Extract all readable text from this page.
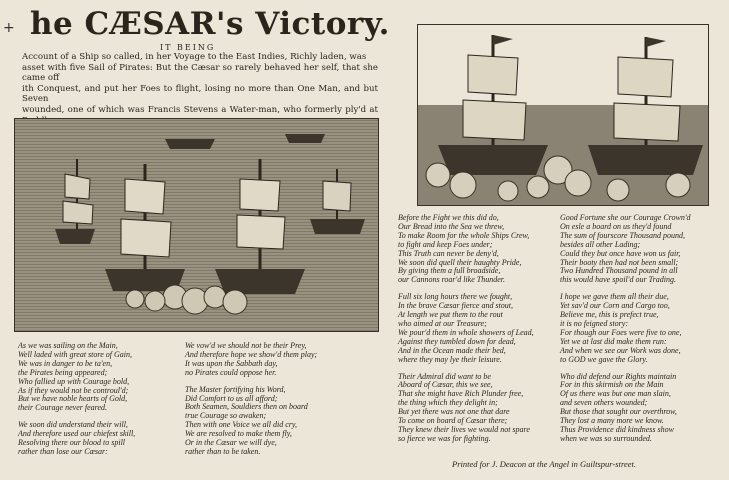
+ he CÆSAR's Victory.
IT BEING
Account of a Ship so called, in her Voyage to the East Indies, Richly laden, was
asset with five Sail of Pirates: But the Cæsar so rarely behaved her self, that she came off
ith Conquest, and put her Foes to flight, losing no more than One Man, and but Seven
wounded, one of which was Francis Stevens a Water-man, who formerly ply'd at
As we was sailing on the Main,
Well laded with great store of Gain,
We was in danger to be ta'en,
the Pirates being appeared;
Who fallied up with Courage bold,
As if they would not be controul'd;
But we have noble hearts of Gold,
their Courage never feared.
We soon did understand their will,
And therefore used our chiefest skill,
Resolving there our blood to spill
rather than lose our Cæsar:
We vow'd we should not be their Prey,
And therefore hope we show'd them play;
It was upon the Sabbath day,
no Pirates could oppose her.
The Master fortifying his Word,
Did Comfort to us all afford;
Both Seamen, Souldiers then on board
true Courage so awaken;
Then with one Voice we all did cry,
We are resolved to make them fly,
Or in the Cæsar we will dye,
rather than to be taken.
Before the Fight we this did do,
Our Bread into the Sea we threw,
To make Room for the whole Ships Crew,
to fight and keep Foes under;
This Truth can never be deny'd,
We soon did quell their haughty Pride,
By giving them a full broadside,
our Cannons roar'd like Thunder.
Full six long hours there we fought,
In the brave Cæsar fierce and stout,
At length we put them to the rout
who aimed at our Treasure;
We pour'd them in whole showers of Lead,
Against they tumbled down for dead,
And in the Ocean made their bed,
where they may lye their leisure.
Their Admiral did want to be
Aboard of Cæsar, this we see,
That she might have Rich Plunder free,
the thing which they delight in;
But yet there was not one that dare
To come on board of Cæsar there;
They knew their lives we would not spare
so fierce we was for fighting.
Good Fortune she our Courage Crown'd
On esle a board on us they'd found
The sum of fourscore Thousand pound,
besides all other Lading;
Could they but once have won us fair,
Their booty then had not been small;
Two Hundred Thousand pound in all
this would have spoil'd our Trading.
I hope we gave them all their due,
Yet sav'd our Corn and Cargo too,
Believe me, this is prefect true,
it is no feigned story:
For though our Foes were five to one,
Yet we at last did make them run:
And when we see our Work was done,
to GOD we gave the Glory.
Who did defend our Rights maintain
For in this skirmish on the Main
Of us there was but one man slain,
and seven others wounded;
But those that sought our overthrow,
They lost a many more we know.
Thus Providence did kindness show
when we was so surrounded.
Printed for J. Deacon at the Angel in Guiltspur-street.
